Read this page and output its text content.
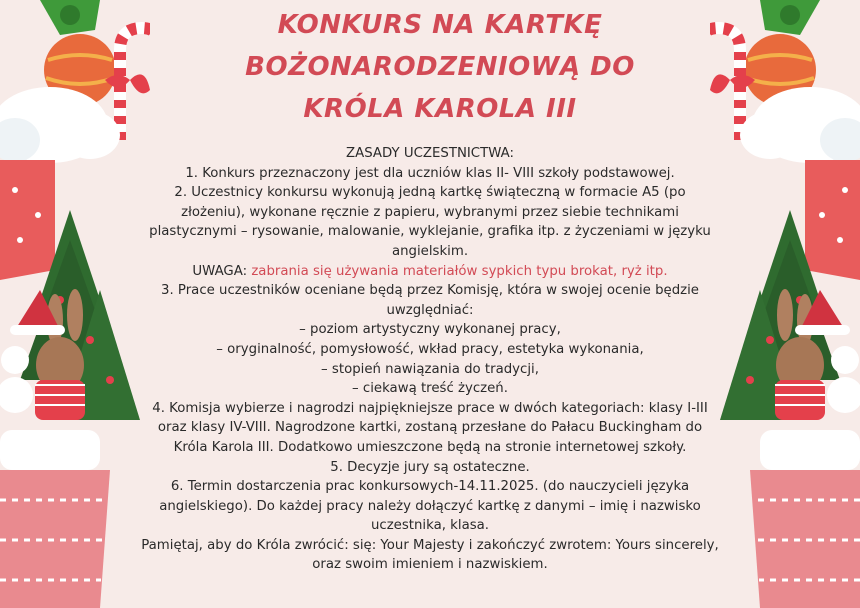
KONKURS NA KARTKĘ
BOŻONARODZENIOWĄ DO
KRÓLA KAROLA III
ZASADY UCZESTNICTWA:
1. Konkurs przeznaczony jest dla uczniów klas II- VIII szkoły podstawowej.
2. Uczestnicy konkursu wykonują jedną kartkę świąteczną w formacie A5 (po
złożeniu), wykonane ręcznie z papieru, wybranymi przez siebie technikami
plastycznymi – rysowanie, malowanie, wyklejanie, grafika itp. z życzeniami w języku
angielskim.
UWAGA: zabrania się używania materiałów sypkich typu brokat, ryż itp.
3. Prace uczestników oceniane będą przez Komisję, która w swojej ocenie będzie
uwzględniać:
– poziom artystyczny wykonanej pracy,
– oryginalność, pomysłowość, wkład pracy, estetyka wykonania,
– stopień nawiązania do tradycji,
– ciekawą treść życzeń.
4. Komisja wybierze i nagrodzi najpiękniejsze prace w dwóch kategoriach: klasy I-III
oraz klasy IV-VIII. Nagrodzone kartki, zostaną przesłane do Pałacu Buckingham do
Króla Karola III. Dodatkowo umieszczone będą na stronie internetowej szkoły.
5. Decyzje jury są ostateczne.
6. Termin dostarczenia prac konkursowych-14.11.2025. (do nauczycieli języka
angielskiego). Do każdej pracy należy dołączyć kartkę z danymi – imię i nazwisko
uczestnika, klasa.
Pamiętaj, aby do Króla zwrócić: się: Your Majesty i zakończyć zwrotem: Yours sincerely,
oraz swoim imieniem i nazwiskiem.
